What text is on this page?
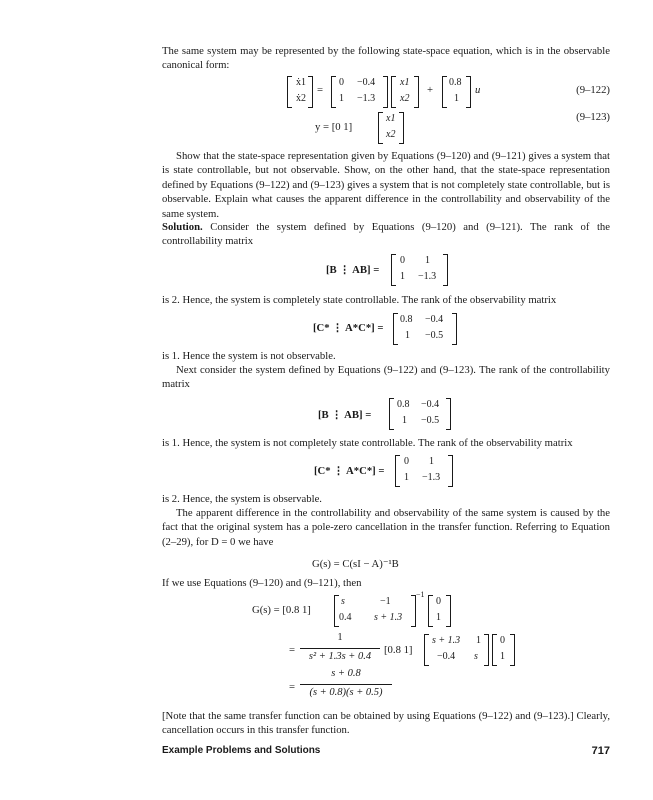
The same system may be represented by the following state-space equation, which is in the observable canonical form:
ẋ1
ẋ2
=
0 −0.4
1 −1.3
x1
x2
+
0.8
1
u	(9–122)
y = [0 1]
x1
x2
(9–123)
Show that the state-space representation given by Equations (9–120) and (9–121) gives a system that is state controllable, but not observable. Show, on the other hand, that the state-space representation defined by Equations (9–122) and (9–123) gives a system that is not completely state controllable, but is observable. Explain what causes the apparent difference in the controllability and observability of the same system.
Solution. Consider the system defined by Equations (9–120) and (9–121). The rank of the controllability matrix
[B ⋮ AB] =
0 1
1 −1.3
is 2. Hence, the system is completely state controllable. The rank of the observability matrix
[C* ⋮ A*C*] =
0.8 −0.4
1 −0.5
is 1. Hence the system is not observable.
Next consider the system defined by Equations (9–122) and (9–123). The rank of the controllability matrix
[B ⋮ AB] =
0.8 −0.4
1 −0.5
is 1. Hence, the system is not completely state controllable. The rank of the observability matrix
[C* ⋮ A*C*] =
0 1
1 −1.3
is 2. Hence, the system is observable.
The apparent difference in the controllability and observability of the same system is caused by the fact that the original system has a pole-zero cancellation in the transfer function. Referring to Equation (2–29), for D = 0 we have
G(s) = C(sI − A)⁻¹B
If we use Equations (9–120) and (9–121), then
G(s) = [0.8 1]
s	−1
0.4 s + 1.3
−1
0
1
=
1
s² + 1.3s + 0.4
[0.8 1]
s + 1.3 1
−0.4 s
0
1
=
s + 0.8
(s + 0.8)(s + 0.5)
[Note that the same transfer function can be obtained by using Equations (9–122) and (9–123).] Clearly, cancellation occurs in this transfer function.
Example Problems and Solutions	717
